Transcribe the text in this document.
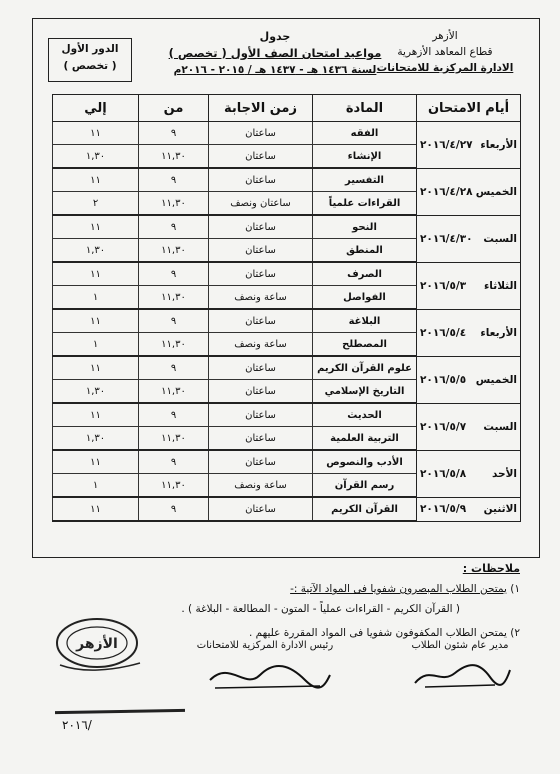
الأزهر
قطاع المعاهد الأزهرية
الادارة المركزية للامتحانات
جدول
مواعيد امتحان الصف الأول ( تخصص )
لسنة ١٤٣٦ هـ - ١٤٣٧ هـ / ٢٠١٥ - ٢٠١٦م
الدور الأول
( تخصص )
أيام الامتحان	المادة	زمن الاجابة	من	إلي

الأربعاء
٢٠١٦/٤/٢٧	الفقه	ساعتان	٩	١١
	الإنشاء	ساعتان	١١,٣٠	١,٣٠

الخميس
٢٠١٦/٤/٢٨	التفسير	ساعتان	٩	١١
	القراءات علمياً	ساعتان ونصف	١١,٣٠	٢

السبت
٢٠١٦/٤/٣٠	النحو	ساعتان	٩	١١
	المنطق	ساعتان	١١,٣٠	١,٣٠

الثلاثاء
٢٠١٦/٥/٣	الصرف	ساعتان	٩	١١
	الفواصل	ساعة ونصف	١١,٣٠	١

الأربعاء
٢٠١٦/٥/٤	البلاغة	ساعتان	٩	١١
	المصطلح	ساعة ونصف	١١,٣٠	١

الخميس
٢٠١٦/٥/٥	علوم القرآن الكريم	ساعتان	٩	١١
	التاريخ الإسلامي	ساعتان	١١,٣٠	١,٣٠

السبت
٢٠١٦/٥/٧	الحديث	ساعتان	٩	١١
	التربية العلمية	ساعتان	١١,٣٠	١,٣٠

الأحد
٢٠١٦/٥/٨	الأدب والنصوص	ساعتان	٩	١١
	رسم القرآن	ساعة ونصف	١١,٣٠	١

الاثنين
٢٠١٦/٥/٩	القرآن الكريم	ساعتان	٩	١١
ملاحظات :
١) يمتحن الطلاب المبصرون شفويا فى المواد الآتية :-
( القرآن الكريم - القراءات عملياً - المتون - المطالعة - البلاغة ) .
٢) يمتحن الطلاب المكفوفون شفويا فى المواد المقررة عليهم .
مدير عام شئون الطلاب
رئيس الادارة المركزية للامتحانات
الأزهر
٢٠١٦/
